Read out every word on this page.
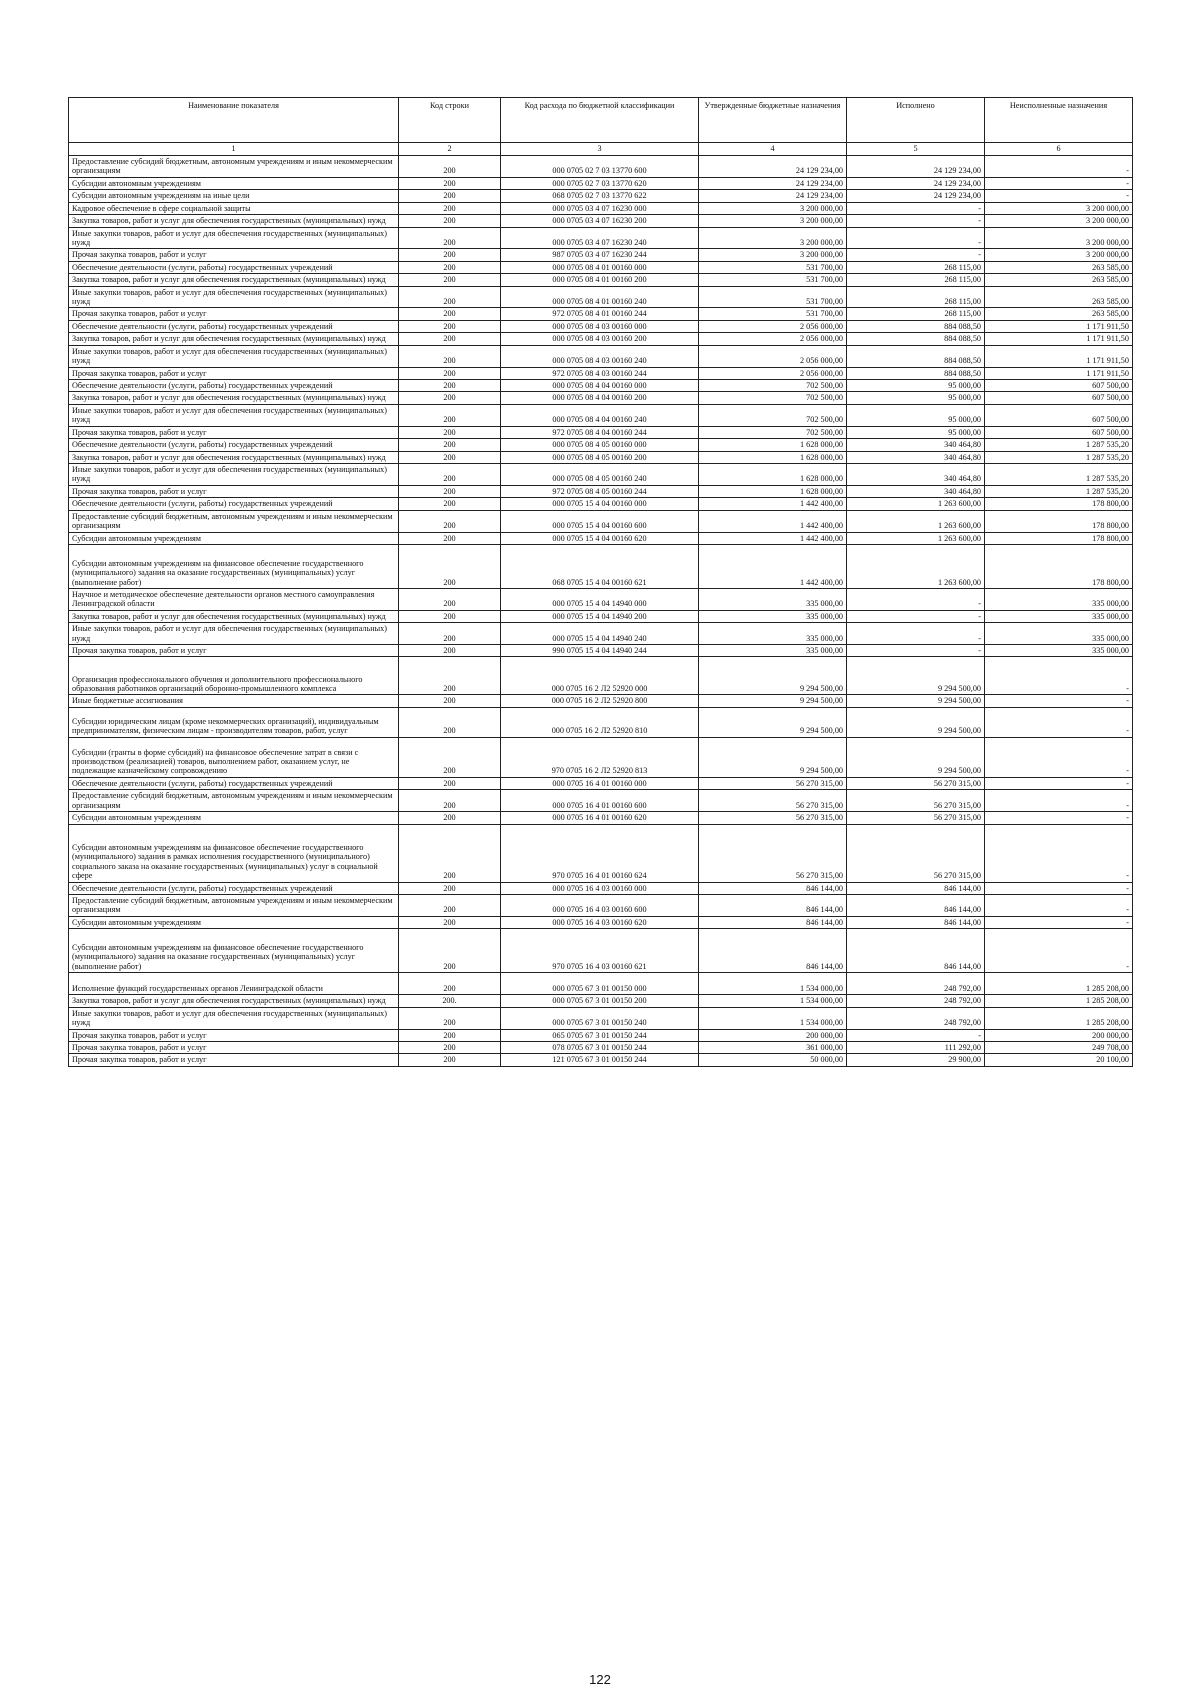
Наименование показателя	Код строки	Код расхода по бюджетной классификации	Утвержденные бюджетные назначения	Исполнено	Неисполненные назначения
1	2	3	4	5	6
Предоставление субсидий бюджетным, автономным учреждениям и иным некоммерческим организациям	200	000 0705 02 7 03 13770 600	24 129 234,00	24 129 234,00	-
Субсидии автономным учреждениям	200	000 0705 02 7 03 13770 620	24 129 234,00	24 129 234,00	-
Субсидии автономным учреждениям на иные цели	200	068 0705 02 7 03 13770 622	24 129 234,00	24 129 234,00	-
Кадровое обеспечение в сфере социальной защиты	200	000 0705 03 4 07 16230 000	3 200 000,00	-	3 200 000,00
Закупка товаров, работ и услуг для обеспечения государственных (муниципальных) нужд	200	000 0705 03 4 07 16230 200	3 200 000,00	-	3 200 000,00
Иные закупки товаров, работ и услуг для обеспечения государственных (муниципальных) нужд	200	000 0705 03 4 07 16230 240	3 200 000,00	-	3 200 000,00
Прочая закупка товаров, работ и услуг	200	987 0705 03 4 07 16230 244	3 200 000,00	-	3 200 000,00
Обеспечение деятельности (услуги, работы) государственных учреждений	200	000 0705 08 4 01 00160 000	531 700,00	268 115,00	263 585,00
Закупка товаров, работ и услуг для обеспечения государственных (муниципальных) нужд	200	000 0705 08 4 01 00160 200	531 700,00	268 115,00	263 585,00
Иные закупки товаров, работ и услуг для обеспечения государственных (муниципальных) нужд	200	000 0705 08 4 01 00160 240	531 700,00	268 115,00	263 585,00
Прочая закупка товаров, работ и услуг	200	972 0705 08 4 01 00160 244	531 700,00	268 115,00	263 585,00
Обеспечение деятельности (услуги, работы) государственных учреждений	200	000 0705 08 4 03 00160 000	2 056 000,00	884 088,50	1 171 911,50
Закупка товаров, работ и услуг для обеспечения государственных (муниципальных) нужд	200	000 0705 08 4 03 00160 200	2 056 000,00	884 088,50	1 171 911,50
Иные закупки товаров, работ и услуг для обеспечения государственных (муниципальных) нужд	200	000 0705 08 4 03 00160 240	2 056 000,00	884 088,50	1 171 911,50
Прочая закупка товаров, работ и услуг	200	972 0705 08 4 03 00160 244	2 056 000,00	884 088,50	1 171 911,50
Обеспечение деятельности (услуги, работы) государственных учреждений	200	000 0705 08 4 04 00160 000	702 500,00	95 000,00	607 500,00
Закупка товаров, работ и услуг для обеспечения государственных (муниципальных) нужд	200	000 0705 08 4 04 00160 200	702 500,00	95 000,00	607 500,00
Иные закупки товаров, работ и услуг для обеспечения государственных (муниципальных) нужд	200	000 0705 08 4 04 00160 240	702 500,00	95 000,00	607 500,00
Прочая закупка товаров, работ и услуг	200	972 0705 08 4 04 00160 244	702 500,00	95 000,00	607 500,00
Обеспечение деятельности (услуги, работы) государственных учреждений	200	000 0705 08 4 05 00160 000	1 628 000,00	340 464,80	1 287 535,20
Закупка товаров, работ и услуг для обеспечения государственных (муниципальных) нужд	200	000 0705 08 4 05 00160 200	1 628 000,00	340 464,80	1 287 535,20
Иные закупки товаров, работ и услуг для обеспечения государственных (муниципальных) нужд	200	000 0705 08 4 05 00160 240	1 628 000,00	340 464,80	1 287 535,20
Прочая закупка товаров, работ и услуг	200	972 0705 08 4 05 00160 244	1 628 000,00	340 464,80	1 287 535,20
Обеспечение деятельности (услуги, работы) государственных учреждений	200	000 0705 15 4 04 00160 000	1 442 400,00	1 263 600,00	178 800,00
Предоставление субсидий бюджетным, автономным учреждениям и иным некоммерческим организациям	200	000 0705 15 4 04 00160 600	1 442 400,00	1 263 600,00	178 800,00
Субсидии автономным учреждениям	200	000 0705 15 4 04 00160 620	1 442 400,00	1 263 600,00	178 800,00
Субсидии автономным учреждениям на финансовое обеспечение государственного (муниципального) задания на оказание государственных (муниципальных) услуг (выполнение работ)	200	068 0705 15 4 04 00160 621	1 442 400,00	1 263 600,00	178 800,00
Научное и методическое обеспечение деятельности органов местного самоуправления Ленинградской области	200	000 0705 15 4 04 14940 000	335 000,00	-	335 000,00
Закупка товаров, работ и услуг для обеспечения государственных (муниципальных) нужд	200	000 0705 15 4 04 14940 200	335 000,00	-	335 000,00
Иные закупки товаров, работ и услуг для обеспечения государственных (муниципальных) нужд	200	000 0705 15 4 04 14940 240	335 000,00	-	335 000,00
Прочая закупка товаров, работ и услуг	200	990 0705 15 4 04 14940 244	335 000,00	-	335 000,00
Организация профессионального обучения и дополнительного профессионального образования работников организаций оборонно-промышленного комплекса	200	000 0705 16 2 Л2 52920 000	9 294 500,00	9 294 500,00	-
Иные бюджетные ассигнования	200	000 0705 16 2 Л2 52920 800	9 294 500,00	9 294 500,00	-
Субсидии юридическим лицам (кроме некоммерческих организаций), индивидуальным предпринимателям, физическим лицам - производителям товаров, работ, услуг	200	000 0705 16 2 Л2 52920 810	9 294 500,00	9 294 500,00	-
Субсидии (гранты в форме субсидий) на финансовое обеспечение затрат в связи с производством (реализацией) товаров, выполнением работ, оказанием услуг, не подлежащие казначейскому сопровождению	200	970 0705 16 2 Л2 52920 813	9 294 500,00	9 294 500,00	-
Обеспечение деятельности (услуги, работы) государственных учреждений	200	000 0705 16 4 01 00160 000	56 270 315,00	56 270 315,00	-
Предоставление субсидий бюджетным, автономным учреждениям и иным некоммерческим организациям	200	000 0705 16 4 01 00160 600	56 270 315,00	56 270 315,00	-
Субсидии автономным учреждениям	200	000 0705 16 4 01 00160 620	56 270 315,00	56 270 315,00	-
Субсидии автономным учреждениям на финансовое обеспечение государственного (муниципального) задания в рамках исполнения государственного (муниципального) социального заказа на оказание государственных (муниципальных) услуг в социальной сфере	200	970 0705 16 4 01 00160 624	56 270 315,00	56 270 315,00	-
Обеспечение деятельности (услуги, работы) государственных учреждений	200	000 0705 16 4 03 00160 000	846 144,00	846 144,00	-
Предоставление субсидий бюджетным, автономным учреждениям и иным некоммерческим организациям	200	000 0705 16 4 03 00160 600	846 144,00	846 144,00	-
Субсидии автономным учреждениям	200	000 0705 16 4 03 00160 620	846 144,00	846 144,00	-
Субсидии автономным учреждениям на финансовое обеспечение государственного (муниципального) задания на оказание государственных (муниципальных) услуг (выполнение работ)	200	970 0705 16 4 03 00160 621	846 144,00	846 144,00	-
Исполнение функций государственных органов Ленинградской области	200	000 0705 67 3 01 00150 000	1 534 000,00	248 792,00	1 285 208,00
Закупка товаров, работ и услуг для обеспечения государственных (муниципальных) нужд	200.	000 0705 67 3 01 00150 200	1 534 000,00	248 792,00	1 285 208,00
Иные закупки товаров, работ и услуг для обеспечения государственных (муниципальных) нужд	200	000 0705 67 3 01 00150 240	1 534 000,00	248 792,00	1 285 208,00
Прочая закупка товаров, работ и услуг	200	065 0705 67 3 01 00150 244	200 000,00	-	200 000,00
Прочая закупка товаров, работ и услуг	200	078 0705 67 3 01 00150 244	361 000,00	111 292,00	249 708,00
Прочая закупка товаров, работ и услуг	200	121 0705 67 3 01 00150 244	50 000,00	29 900,00	20 100,00
122
